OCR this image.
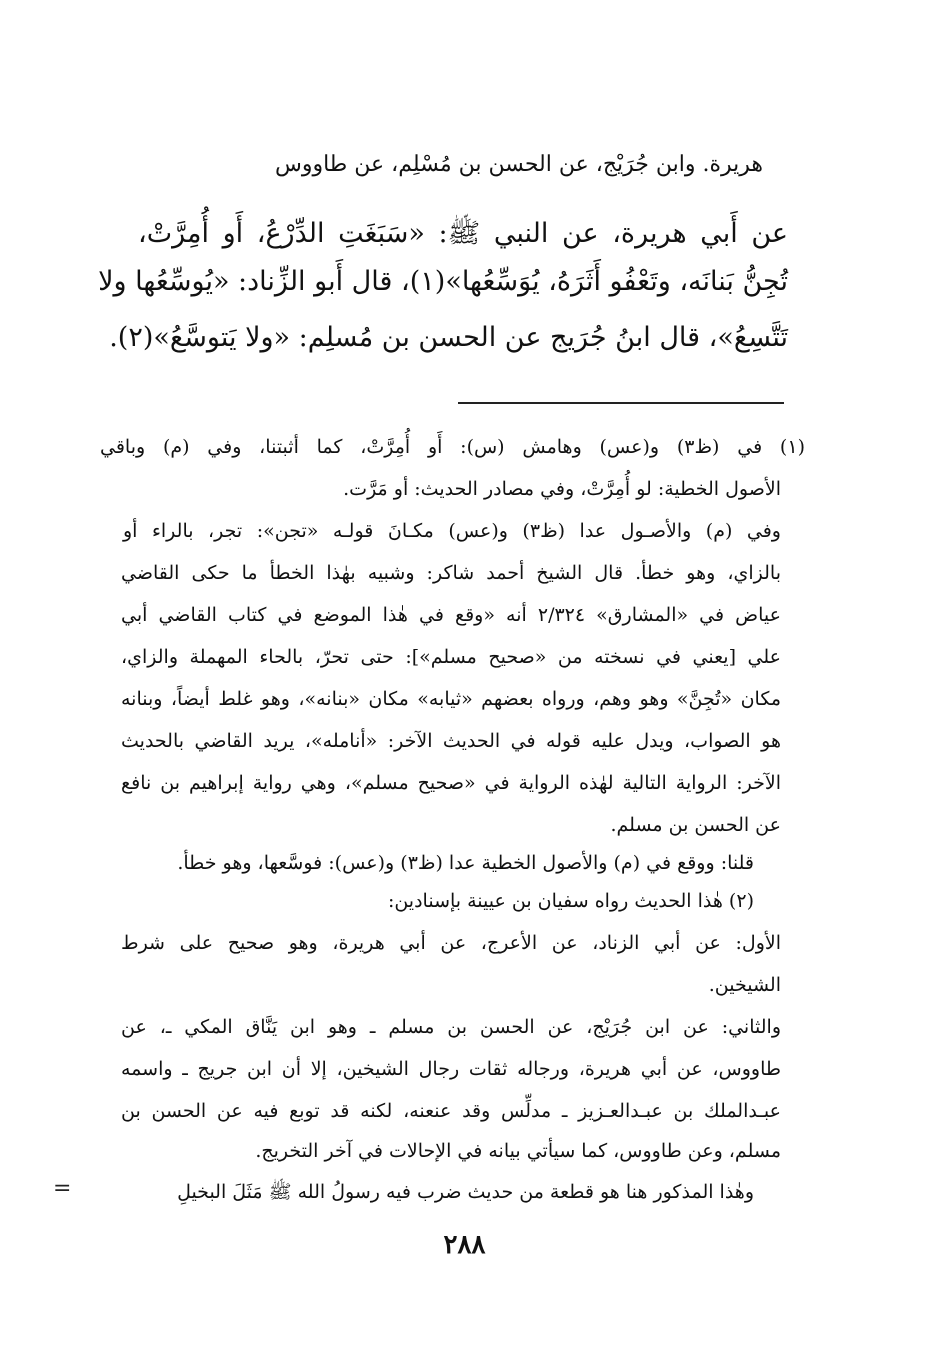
هريرة. وابن جُرَيْج، عن الحسن بن مُسْلِم، عن طاووس
عن أَبي هريرة، عن النبي ﷺ: «سَبَغَتِ الدِّرْعُ، أَو أُمِرَّتْ،
تُجِنُّ بَنانَه، وتَعْفُو أَثَرَهُ، يُوَسِّعُها»(١)، قال أَبو الزِّناد: «يُوسِّعُها ولا
تَتَّسِعُ»، قال ابنُ جُرَيج عن الحسن بن مُسلِم: «ولا يَتوسَّعُ»(٢).
(١) في (ظ٣) و(عس) وهامش (س): أَو أُمِرَّتْ، كما أثبتنا، وفي (م) وباقي
الأصول الخطية: لو أُمِرَّتْ، وفي مصادر الحديث: أو مَرَّت.
وفي (م) والأصـول عدا (ظ٣) و(عس) مكـانَ قولـه «تجن»: تجر، بالراء أو
بالزاي، وهو خطأ. قال الشيخ أحمد شاكر: وشبيه بهٰذا الخطأ ما حكى القاضي
عياض في «المشارق» ٢/٣٢٤ أنه «وقع في هٰذا الموضع في كتاب القاضي أبي
علي [يعني في نسخته من «صحيح مسلم»]: حتى تحرّ، بالحاء المهملة والزاي،
مكان «تُجِنَّ» وهو وهم، ورواه بعضهم «ثيابه» مكان «بنانه»، وهو غلط أيضاً، وبنانه
هو الصواب، ويدل عليه قوله في الحديث الآخر: «أنامله»، يريد القاضي بالحديث
الآخر: الرواية التالية لهٰذه الرواية في «صحيح مسلم»، وهي رواية إبراهيم بن نافع
عن الحسن بن مسلم.
قلنا: ووقع في (م) والأصول الخطية عدا (ظ٣) و(عس): فوسَّعها، وهو خطأ.
(٢) هٰذا الحديث رواه سفيان بن عيينة بإسنادين:
الأول: عن أبي الزناد، عن الأعرج، عن أبي هريرة، وهو صحيح على شرط
الشيخين.
والثاني: عن ابن جُرَيْج، عن الحسن بن مسلم ـ وهو ابن يَنَّاق المكي ـ، عن
طاووس، عن أبي هريرة، ورجاله ثقات رجال الشيخين، إلا أن ابن جريج ـ واسمه
عبـدالملك بن عبـدالعـزيز ـ مدلِّس وقد عنعنه، لكنه قد توبع فيه عن الحسن بن
مسلم، وعن طاووس، كما سيأتي بيانه في الإحالات في آخر التخريج.
وهٰذا المذكور هنا هو قطعة من حديث ضرب فيه رسولُ الله ﷺ مَثَلَ البخيلِ
=
٢٨٨
